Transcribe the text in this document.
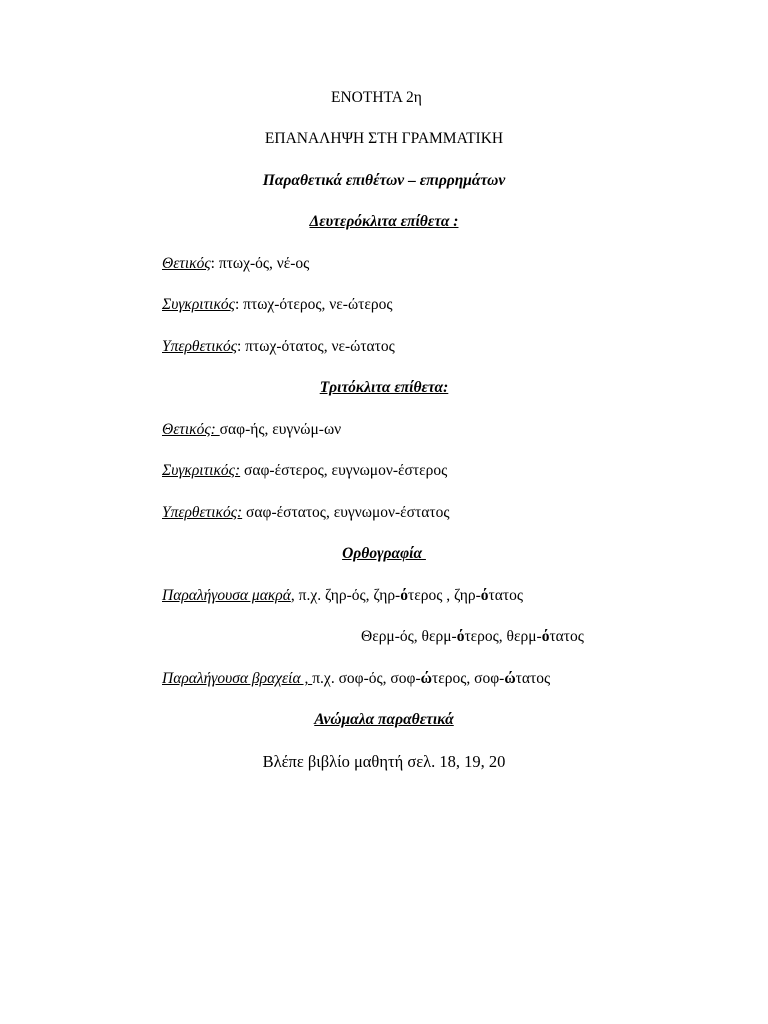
ΕΝΟΤΗΤΑ 2η
ΕΠΑΝΑΛΗΨΗ ΣΤΗ ΓΡΑΜΜΑΤΙΚΗ
Παραθετικά επιθέτων – επιρρημάτων
Δευτερόκλιτα επίθετα :
Θετικός: πτωχ-ός, νέ-ος
Συγκριτικός: πτωχ-ότερος, νε-ώτερος
Υπερθετικός: πτωχ-ότατος, νε-ώτατος
Τριτόκλιτα επίθετα:
Θετικός: σαφ-ής, ευγνώμ-ων
Συγκριτικός: σαφ-έστερος, ευγνωμον-έστερος
Υπερθετικός: σαφ-έστατος, ευγνωμον-έστατος
Ορθογραφία
Παραλήγουσα μακρά, π.χ. ζηρ-ός, ζηρ-ότερος , ζηρ-ότατος
Θερμ-ός, θερμ-ότερος, θερμ-ότατος
Παραλήγουσα βραχεία , π.χ. σοφ-ός, σοφ-ώτερος, σοφ-ώτατος
Ανώμαλα παραθετικά
Βλέπε βιβλίο μαθητή σελ. 18, 19, 20
